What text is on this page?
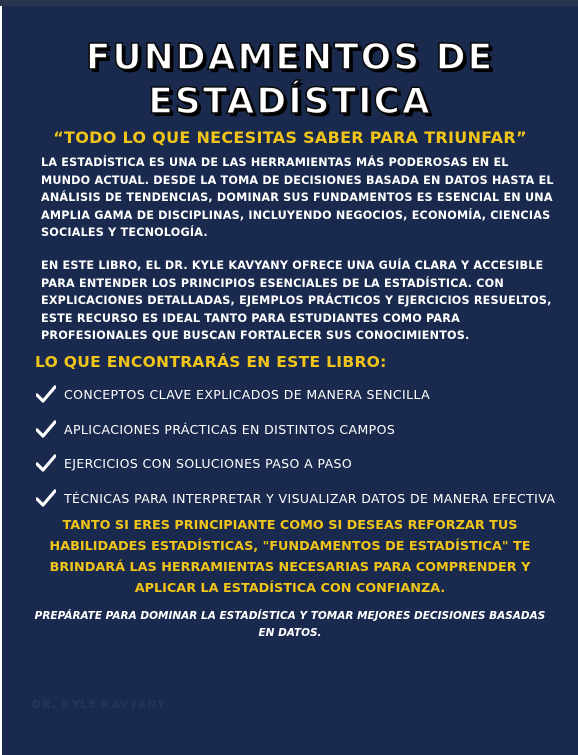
FUNDAMENTOS DE
ESTADÍSTICA
“TODO LO QUE NECESITAS SABER PARA TRIUNFAR”
LA ESTADÍSTICA ES UNA DE LAS HERRAMIENTAS MÁS PODEROSAS EN EL MUNDO ACTUAL. DESDE LA TOMA DE DECISIONES BASADA EN DATOS HASTA EL ANÁLISIS DE TENDENCIAS, DOMINAR SUS FUNDAMENTOS ES ESENCIAL EN UNA AMPLIA GAMA DE DISCIPLINAS, INCLUYENDO NEGOCIOS, ECONOMÍA, CIENCIAS SOCIALES Y TECNOLOGÍA.
EN ESTE LIBRO, EL DR. KYLE KAVYANY OFRECE UNA GUÍA CLARA Y ACCESIBLE PARA ENTENDER LOS PRINCIPIOS ESENCIALES DE LA ESTADÍSTICA. CON EXPLICACIONES DETALLADAS, EJEMPLOS PRÁCTICOS Y EJERCICIOS RESUELTOS, ESTE RECURSO ES IDEAL TANTO PARA ESTUDIANTES COMO PARA PROFESIONALES QUE BUSCAN FORTALECER SUS CONOCIMIENTOS.
LO QUE ENCONTRARÁS EN ESTE LIBRO:
CONCEPTOS CLAVE EXPLICADOS DE MANERA SENCILLA
APLICACIONES PRÁCTICAS EN DISTINTOS CAMPOS
EJERCICIOS CON SOLUCIONES PASO A PASO
TÉCNICAS PARA INTERPRETAR Y VISUALIZAR DATOS DE MANERA EFECTIVA
TANTO SI ERES PRINCIPIANTE COMO SI DESEAS REFORZAR TUS HABILIDADES ESTADÍSTICAS, "FUNDAMENTOS DE ESTADÍSTICA" TE BRINDARÁ LAS HERRAMIENTAS NECESARIAS PARA COMPRENDER Y APLICAR LA ESTADÍSTICA CON CONFIANZA.
PREPÁRATE PARA DOMINAR LA ESTADÍSTICA Y TOMAR MEJORES DECISIONES BASADAS EN DATOS.
DR. KYLE KAVYANY
